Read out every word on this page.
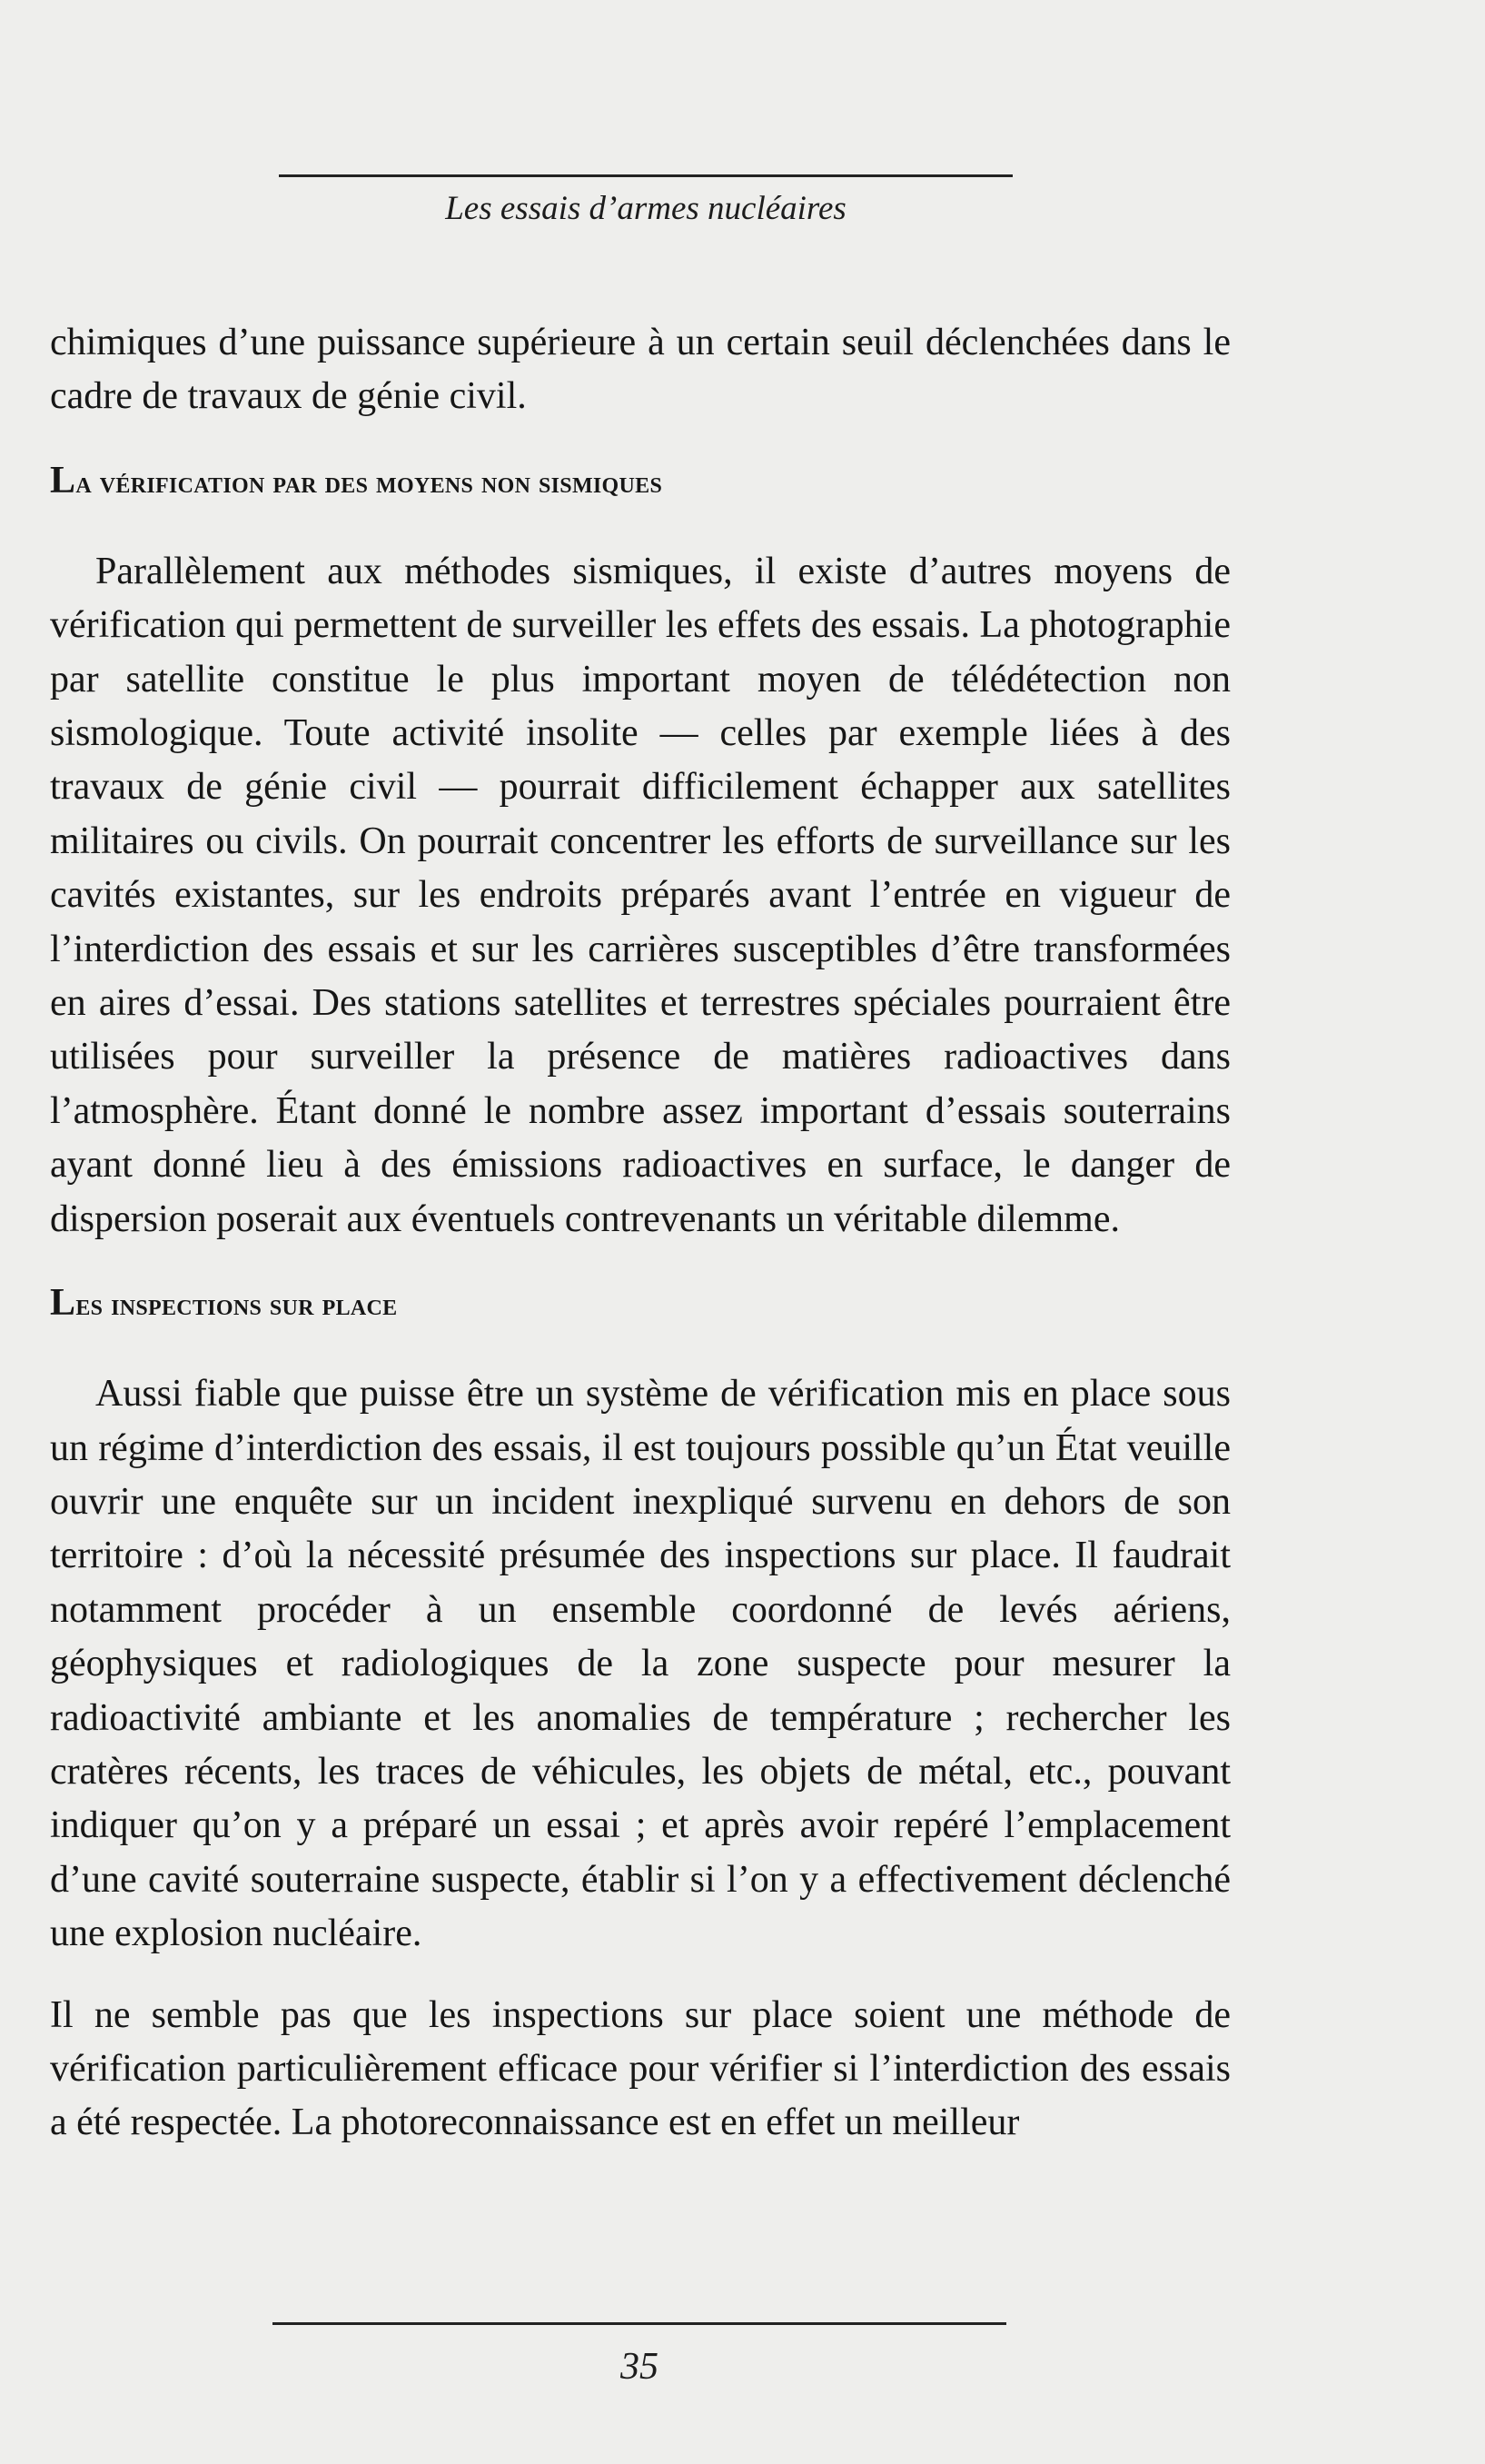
Les essais d’armes nucléaires

chimiques d’une puissance supérieure à un certain seuil déclenchées dans le cadre de travaux de génie civil.

La vérification par des moyens non sismiques

Parallèlement aux méthodes sismiques, il existe d’autres moyens de vérification qui permettent de surveiller les effets des essais. La photographie par satellite constitue le plus important moyen de télédétection non sismologique. Toute activité insolite — celles par exemple liées à des travaux de génie civil — pourrait difficilement échapper aux satellites militaires ou civils. On pourrait concentrer les efforts de surveillance sur les cavités existantes, sur les endroits préparés avant l’entrée en vigueur de l’interdiction des essais et sur les carrières susceptibles d’être transformées en aires d’essai. Des stations satellites et terrestres spéciales pourraient être utilisées pour surveiller la présence de matières radioactives dans l’atmosphère. Étant donné le nombre assez important d’essais souterrains ayant donné lieu à des émissions radioactives en surface, le danger de dispersion poserait aux éventuels contrevenants un véritable dilemme.

Les inspections sur place

Aussi fiable que puisse être un système de vérification mis en place sous un régime d’interdiction des essais, il est toujours possible qu’un État veuille ouvrir une enquête sur un incident inexpliqué survenu en dehors de son territoire : d’où la nécessité présumée des inspections sur place. Il faudrait notamment procéder à un ensemble coordonné de levés aériens, géophysiques et radiologiques de la zone suspecte pour mesurer la radioactivité ambiante et les anomalies de température ; rechercher les cratères récents, les traces de véhicules, les objets de métal, etc., pouvant indiquer qu’on y a préparé un essai ; et après avoir repéré l’emplacement d’une cavité souterraine suspecte, établir si l’on y a effectivement déclenché une explosion nucléaire.

Il ne semble pas que les inspections sur place soient une méthode de vérification particulièrement efficace pour vérifier si l’interdiction des essais a été respectée. La photoreconnaissance est en effet un meilleur

35
